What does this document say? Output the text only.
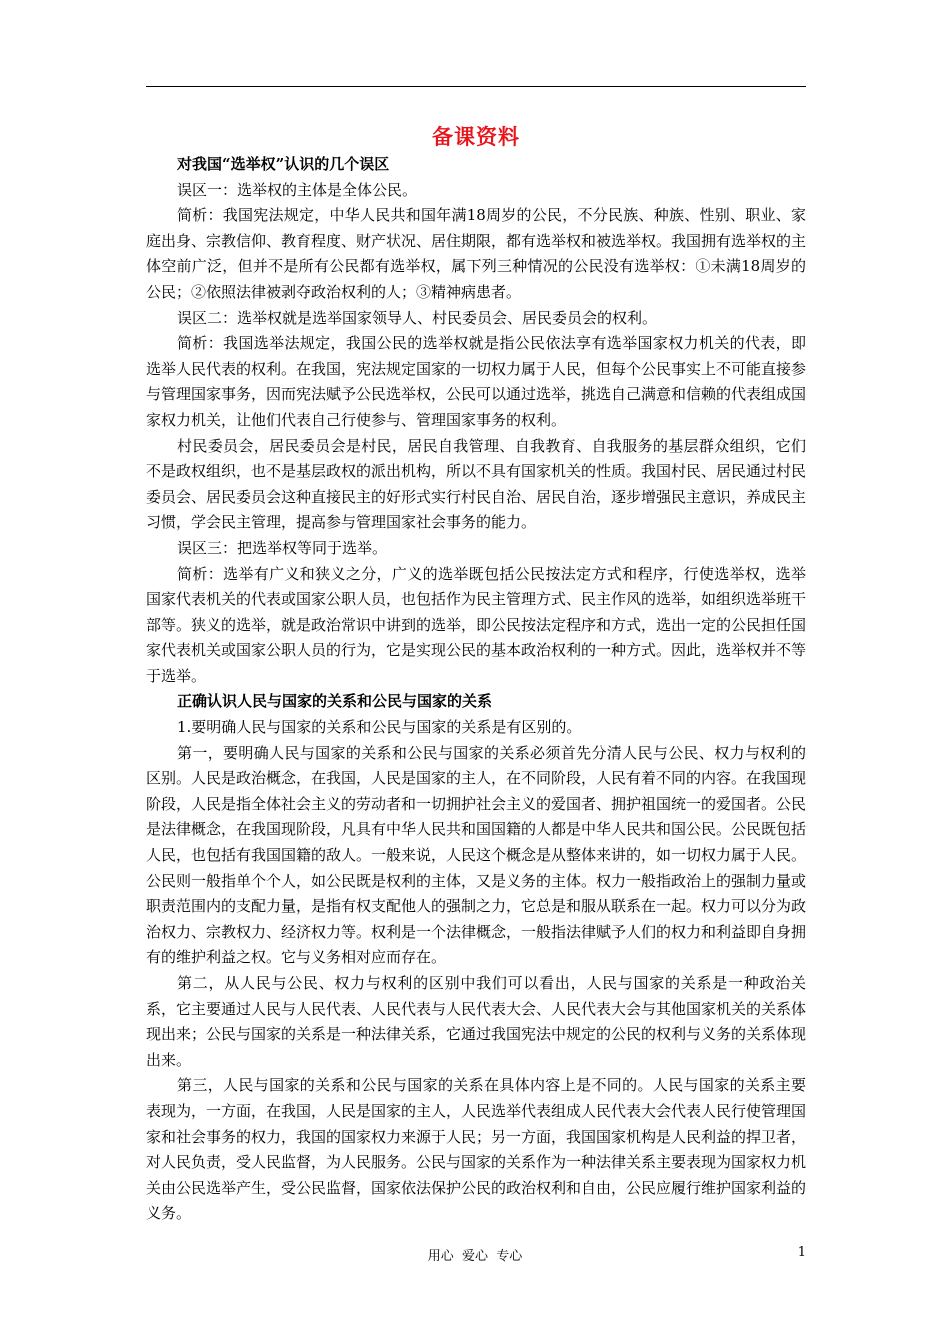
备课资料
对我国“选举权”认识的几个误区

误区一：选举权的主体是全体公民。

简析：我国宪法规定，中华人民共和国年满18周岁的公民，不分民族、种族、性别、职业、家庭出身、宗教信仰、教育程度、财产状况、居住期限，都有选举权和被选举权。我国拥有选举权的主体空前广泛，但并不是所有公民都有选举权，属下列三种情况的公民没有选举权：①未满18周岁的公民；②依照法律被剥夺政治权利的人；③精神病患者。

误区二：选举权就是选举国家领导人、村民委员会、居民委员会的权利。

简析：我国选举法规定，我国公民的选举权就是指公民依法享有选举国家权力机关的代表，即选举人民代表的权利。在我国，宪法规定国家的一切权力属于人民，但每个公民事实上不可能直接参与管理国家事务，因而宪法赋予公民选举权，公民可以通过选举，挑选自己满意和信赖的代表组成国家权力机关，让他们代表自己行使参与、管理国家事务的权利。

村民委员会，居民委员会是村民，居民自我管理、自我教育、自我服务的基层群众组织，它们不是政权组织，也不是基层政权的派出机构，所以不具有国家机关的性质。我国村民、居民通过村民委员会、居民委员会这种直接民主的好形式实行村民自治、居民自治，逐步增强民主意识，养成民主习惯，学会民主管理，提高参与管理国家社会事务的能力。

误区三：把选举权等同于选举。

简析：选举有广义和狭义之分，广义的选举既包括公民按法定方式和程序，行使选举权，选举国家代表机关的代表或国家公职人员，也包括作为民主管理方式、民主作风的选举，如组织选举班干部等。狭义的选举，就是政治常识中讲到的选举，即公民按法定程序和方式，选出一定的公民担任国家代表机关或国家公职人员的行为，它是实现公民的基本政治权利的一种方式。因此，选举权并不等于选举。

正确认识人民与国家的关系和公民与国家的关系

1.要明确人民与国家的关系和公民与国家的关系是有区别的。

第一，要明确人民与国家的关系和公民与国家的关系必须首先分清人民与公民、权力与权利的区别。人民是政治概念，在我国，人民是国家的主人，在不同阶段，人民有着不同的内容。在我国现阶段，人民是指全体社会主义的劳动者和一切拥护社会主义的爱国者、拥护祖国统一的爱国者。公民是法律概念，在我国现阶段，凡具有中华人民共和国国籍的人都是中华人民共和国公民。公民既包括人民，也包括有我国国籍的敌人。一般来说，人民这个概念是从整体来讲的，如一切权力属于人民。公民则一般指单个个人，如公民既是权利的主体，又是义务的主体。权力一般指政治上的强制力量或职责范围内的支配力量，是指有权支配他人的强制之力，它总是和服从联系在一起。权力可以分为政治权力、宗教权力、经济权力等。权利是一个法律概念，一般指法律赋予人们的权力和利益即自身拥有的维护利益之权。它与义务相对应而存在。

第二，从人民与公民、权力与权利的区别中我们可以看出，人民与国家的关系是一种政治关系，它主要通过人民与人民代表、人民代表与人民代表大会、人民代表大会与其他国家机关的关系体现出来；公民与国家的关系是一种法律关系，它通过我国宪法中规定的公民的权利与义务的关系体现出来。

第三，人民与国家的关系和公民与国家的关系在具体内容上是不同的。人民与国家的关系主要表现为，一方面，在我国，人民是国家的主人，人民选举代表组成人民代表大会代表人民行使管理国家和社会事务的权力，我国的国家权力来源于人民；另一方面，我国国家机构是人民利益的捍卫者，对人民负责，受人民监督，为人民服务。公民与国家的关系作为一种法律关系主要表现为国家权力机关由公民选举产生，受公民监督，国家依法保护公民的政治权利和自由，公民应履行维护国家利益的义务。

用心  爱心  专心	1
